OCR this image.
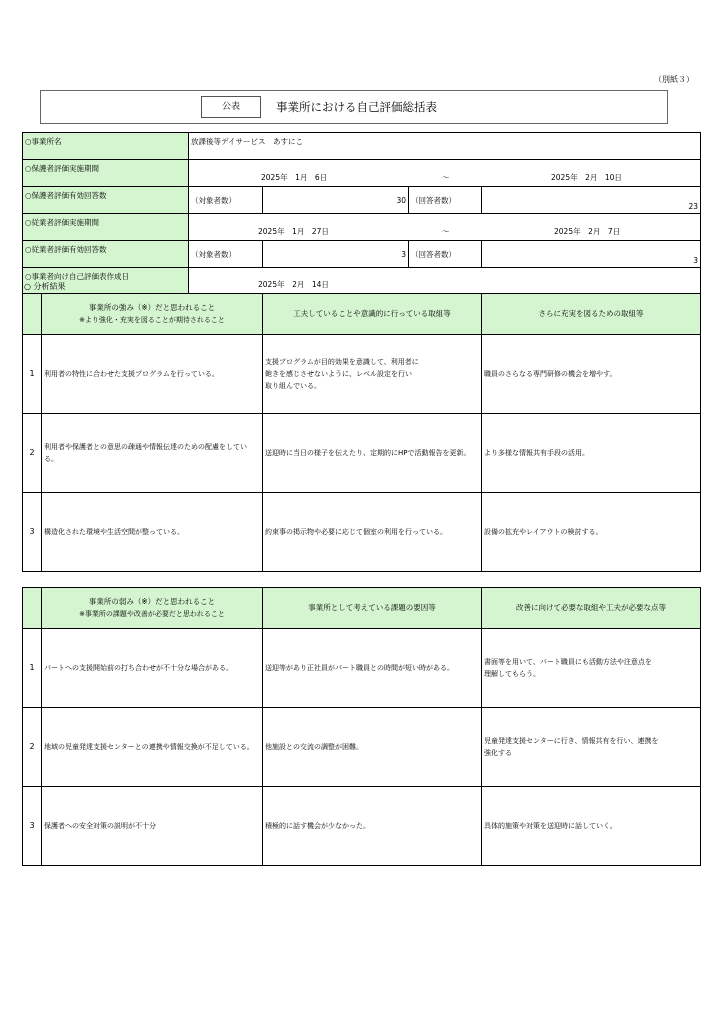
（別紙３）
公表	事業所における自己評価総括表
○事業所名	放課後等デイサービス　あすにこ			
○保護者評価実施期間	2025年　1月　6日 ～ 2025年　2月　10日			

○保護者評価有効回答数	（対象者数）	30	（回答者数）	23
○従業者評価実施期間	2025年　1月　27日 ～ 2025年　2月　7日			

○従業者評価有効回答数	（対象者数）	3	（回答者数）	3
○事業者向け自己評価表作成日	2025年　2月　14日			
○ 分析結果
	事業所の強み（※）だと思われること
※より強化・充実を図ることが期待されること	工夫していることや意識的に行っている取組等	さらに充実を図るための取組等
1	利用者の特性に合わせた支援プログラムを行っている。	支援プログラムが目的効果を意識して、利用者に
飽きを感じさせないように、レベル設定を行い
取り組んでいる。	職員のさらなる専門研修の機会を増やす。
2	利用者や保護者との意思の疎通や情報伝達のための配慮をしている。	送迎時に当日の様子を伝えたり、定期的にHPで活動報告を更新。	より多様な情報共有手段の活用。
3	構造化された環境や生活空間が整っている。	約束事の掲示物や必要に応じて個室の利用を行っている。	設備の拡充やレイアウトの検討する。
	事業所の弱み（※）だと思われること
※事業所の課題や改善が必要だと思われること	事業所として考えている課題の要因等	改善に向けて必要な取組や工夫が必要な点等
1	パートへの支援開始前の打ち合わせが不十分な場合がある。	送迎等があり正社員がパート職員との時間が短い時がある。	書面等を用いて、パート職員にも活動方法や注意点を
理解してもらう。
2	地域の児童発達支援センターとの連携や情報交換が不足している。	他施設との交流の調整が困難。	児童発達支援センターに行き、情報共有を行い、連携を
強化する
3	保護者への安全対策の説明が不十分	積極的に話す機会が少なかった。	具体的施策や対策を送迎時に話していく。
